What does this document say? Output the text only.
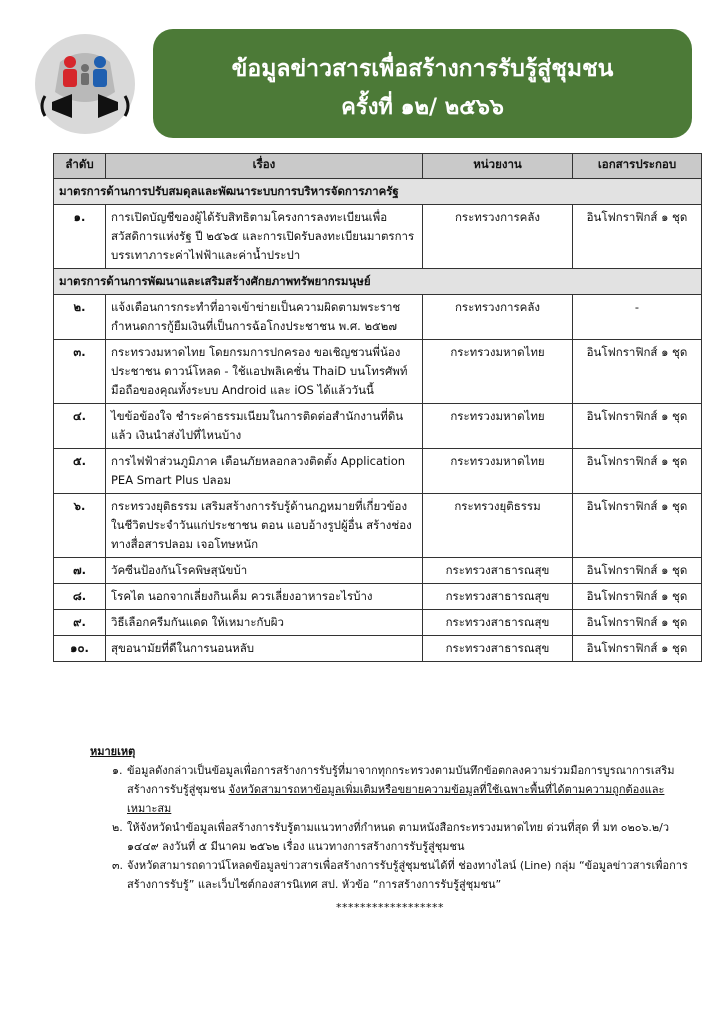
ข้อมูลข่าวสารเพื่อสร้างการรับรู้สู่ชุมชน
ครั้งที่ ๑๒/ ๒๕๖๖
ลำดับ	เรื่อง	หน่วยงาน	เอกสารประกอบ
มาตรการด้านการปรับสมดุลและพัฒนาระบบการบริหารจัดการภาครัฐ			
๑.	การเปิดบัญชีของผู้ได้รับสิทธิตามโครงการลงทะเบียนเพื่อสวัสดิการแห่งรัฐ ปี ๒๕๖๕ และการเปิดรับลงทะเบียนมาตรการบรรเทาภาระค่าไฟฟ้าและค่าน้ำประปา	กระทรวงการคลัง	อินโฟกราฟิกส์ ๑ ชุด
มาตรการด้านการพัฒนาและเสริมสร้างศักยภาพทรัพยากรมนุษย์			
๒.	แจ้งเตือนการกระทำที่อาจเข้าข่ายเป็นความผิดตามพระราชกำหนดการกู้ยืมเงินที่เป็นการฉ้อโกงประชาชน พ.ศ. ๒๕๒๗	กระทรวงการคลัง	-
๓.	กระทรวงมหาดไทย โดยกรมการปกครอง ขอเชิญชวนพี่น้องประชาชน ดาวน์โหลด - ใช้แอปพลิเคชั่น ThaiD บนโทรศัพท์มือถือของคุณทั้งระบบ Android และ iOS ได้แล้ววันนี้	กระทรวงมหาดไทย	อินโฟกราฟิกส์ ๑ ชุด
๔.	ไขข้อข้องใจ ชำระค่าธรรมเนียมในการติดต่อสำนักงานที่ดินแล้ว เงินนำส่งไปที่ไหนบ้าง	กระทรวงมหาดไทย	อินโฟกราฟิกส์ ๑ ชุด
๕.	การไฟฟ้าส่วนภูมิภาค เตือนภัยหลอกลวงติดตั้ง Application PEA Smart Plus ปลอม	กระทรวงมหาดไทย	อินโฟกราฟิกส์ ๑ ชุด
๖.	กระทรวงยุติธรรม เสริมสร้างการรับรู้ด้านกฎหมายที่เกี่ยวข้องในชีวิตประจำวันแก่ประชาชน ตอน แอบอ้างรูปผู้อื่น สร้างช่องทางสื่อสารปลอม เจอโทษหนัก	กระทรวงยุติธรรม	อินโฟกราฟิกส์ ๑ ชุด
๗.	วัคซีนป้องกันโรคพิษสุนัขบ้า	กระทรวงสาธารณสุข	อินโฟกราฟิกส์ ๑ ชุด
๘.	โรคไต นอกจากเลี่ยงกินเค็ม ควรเลี่ยงอาหารอะไรบ้าง	กระทรวงสาธารณสุข	อินโฟกราฟิกส์ ๑ ชุด
๙.	วิธีเลือกครีมกันแดด ให้เหมาะกับผิว	กระทรวงสาธารณสุข	อินโฟกราฟิกส์ ๑ ชุด
๑๐.	สุขอนามัยที่ดีในการนอนหลับ	กระทรวงสาธารณสุข	อินโฟกราฟิกส์ ๑ ชุด
หมายเหตุ
๑. ข้อมูลดังกล่าวเป็นข้อมูลเพื่อการสร้างการรับรู้ที่มาจากทุกกระทรวงตามบันทึกข้อตกลงความร่วมมือการบูรณาการเสริมสร้างการรับรู้สู่ชุมชน จังหวัดสามารถหาข้อมูลเพิ่มเติมหรือขยายความข้อมูลที่ใช้เฉพาะพื้นที่ได้ตามความถูกต้องและเหมาะสม
๒. ให้จังหวัดนำข้อมูลเพื่อสร้างการรับรู้ตามแนวทางที่กำหนด ตามหนังสือกระทรวงมหาดไทย ด่วนที่สุด ที่ มท ๐๒๐๖.๒/ว ๑๔๔๙ ลงวันที่ ๕ มีนาคม ๒๕๖๒ เรื่อง แนวทางการสร้างการรับรู้สู่ชุมชน
๓. จังหวัดสามารถดาวน์โหลดข้อมูลข่าวสารเพื่อสร้างการรับรู้สู่ชุมชนได้ที่ ช่องทางไลน์ (Line) กลุ่ม “ข้อมูลข่าวสารเพื่อการสร้างการรับรู้” และเว็บไซต์กองสารนิเทศ สป. หัวข้อ “การสร้างการรับรู้สู่ชุมชน”
******************
